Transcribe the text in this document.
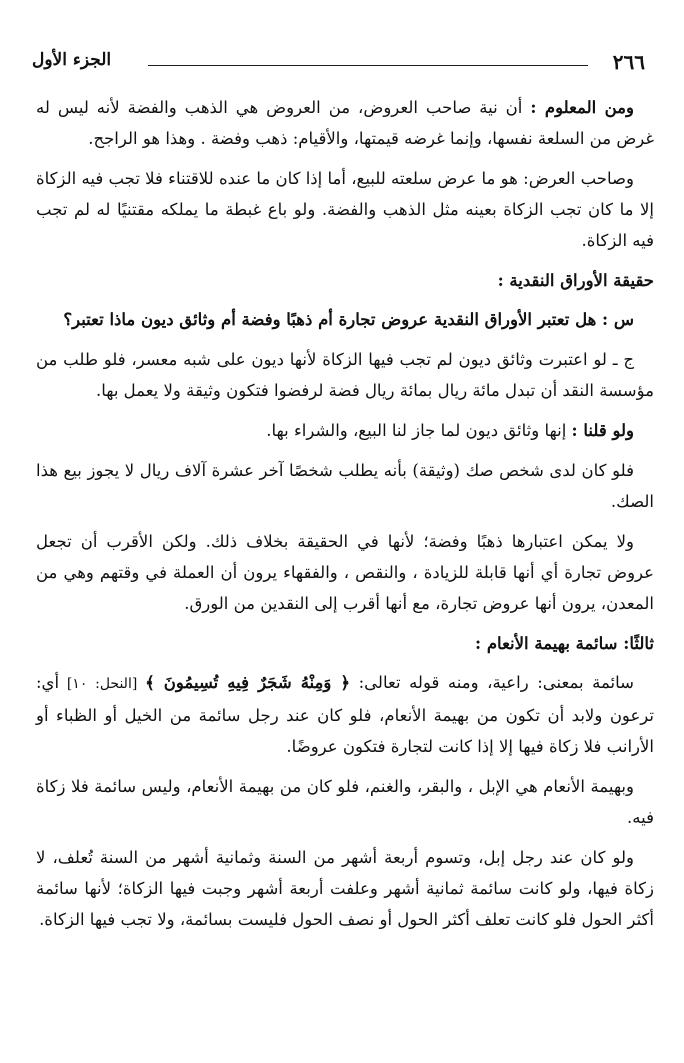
٢٦٦
الجزء الأول

ومن المعلوم : أن نية صاحب العروض، من العروض هي الذهب والفضة لأنه ليس له غرض من السلعة نفسها، وإنما غرضه قيمتها، والأقيام: ذهب وفضة . وهذا هو الراجح.

وصاحب العرض: هو ما عرض سلعته للبيع، أما إذا كان ما عنده للاقتناء فلا تجب فيه الزكاة إلا ما كان تجب الزكاة بعينه مثل الذهب والفضة. ولو باع غبطة ما يملكه مقتنيًا له لم تجب فيه الزكاة.

حقيقة الأوراق النقدية :

س : هل تعتبر الأوراق النقدية عروض تجارة أم ذهبًا وفضة أم وثائق ديون ماذا تعتبر؟

ج ـ لو اعتبرت وثائق ديون لم تجب فيها الزكاة لأنها ديون على شبه معسر، فلو طلب من مؤسسة النقد أن تبدل مائة ريال بمائة ريال فضة لرفضوا فتكون وثيقة ولا يعمل بها.

ولو قلنا : إنها وثائق ديون لما جاز لنا البيع، والشراء بها.

فلو كان لدى شخص صك (وثيقة) بأنه يطلب شخصًا آخر عشرة آلاف ريال لا يجوز بيع هذا الصك.

ولا يمكن اعتبارها ذهبًا وفضة؛ لأنها في الحقيقة بخلاف ذلك. ولكن الأقرب أن تجعل عروض تجارة أي أنها قابلة للزيادة ، والنقص ، والفقهاء يرون أن العملة في وقتهم وهي من المعدن، يرون أنها عروض تجارة، مع أنها أقرب إلى النقدين من الورق.

ثالثًا: سائمة بهيمة الأنعام :

سائمة بمعنى: راعية، ومنه قوله تعالى: ﴿ وَمِنْهُ شَجَرٌ فِيهِ تُسِيمُونَ ﴾ [النحل: ١٠] أي: ترعون ولابد أن تكون من بهيمة الأنعام، فلو كان عند رجل سائمة من الخيل أو الظباء أو الأرانب فلا زكاة فيها إلا إذا كانت لتجارة فتكون عروضًا.

وبهيمة الأنعام هي الإبل ، والبقر، والغنم، فلو كان من بهيمة الأنعام، وليس سائمة فلا زكاة فيه.

ولو كان عند رجل إبل، وتسوم أربعة أشهر من السنة وثمانية أشهر من السنة تُعلف، لا زكاة فيها، ولو كانت سائمة ثمانية أشهر وعلفت أربعة أشهر وجبت فيها الزكاة؛ لأنها سائمة أكثر الحول فلو كانت تعلف أكثر الحول أو نصف الحول فليست بسائمة، ولا تجب فيها الزكاة.
